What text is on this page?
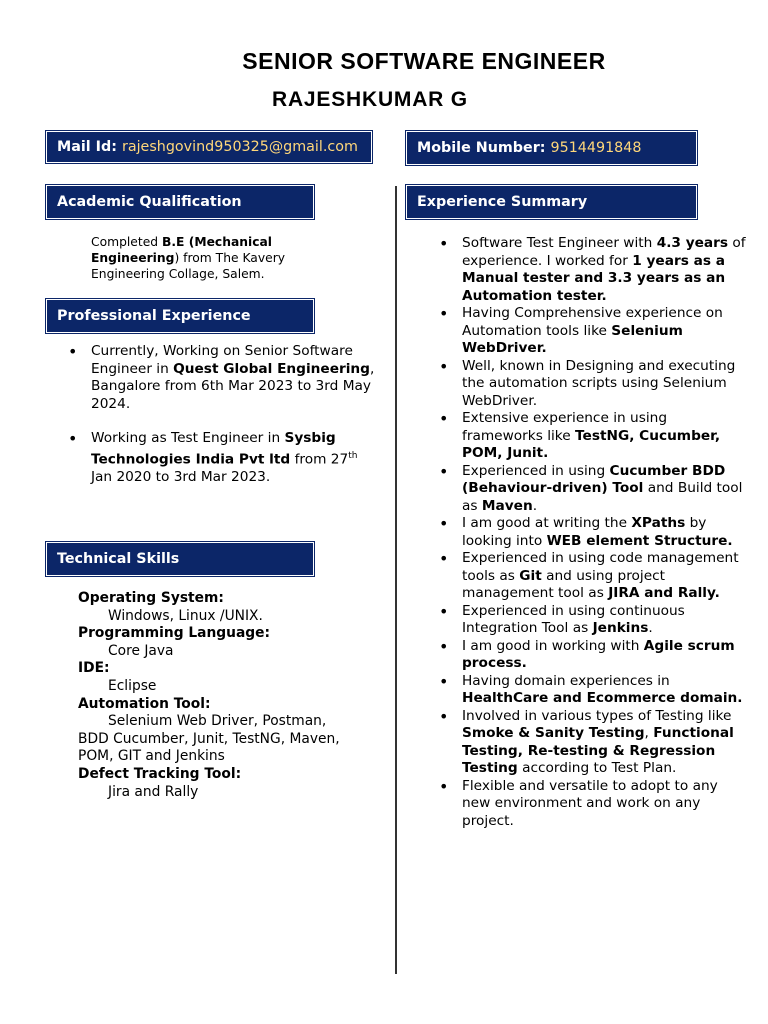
SENIOR SOFTWARE ENGINEER
RAJESHKUMAR G
Mail Id: rajeshgovind950325@gmail.com	Mobile Number: 9514491848
Academic Qualification	Experience Summary
Professional Experience
Technical Skills
Completed B.E (Mechanical Engineering) from The Kavery Engineering Collage, Salem.
• Currently, Working on Senior Software Engineer in Quest Global Engineering, Bangalore from 6th Mar 2023 to 3rd May 2024.
• Working as Test Engineer in Sysbig Technologies India Pvt ltd from 27th Jan 2020 to 3rd Mar 2023.
Operating System:
Windows, Linux /UNIX.
Programming Language:
Core Java
IDE:
Eclipse
Automation Tool:
Selenium Web Driver, Postman,
BDD Cucumber, Junit, TestNG, Maven,
POM, GIT and Jenkins
Defect Tracking Tool:
Jira and Rally
• Software Test Engineer with 4.3 years of experience. I worked for 1 years as a Manual tester and 3.3 years as an Automation tester.
• Having Comprehensive experience on Automation tools like Selenium WebDriver.
• Well, known in Designing and executing the automation scripts using Selenium WebDriver.
• Extensive experience in using frameworks like TestNG, Cucumber, POM, Junit.
• Experienced in using Cucumber BDD (Behaviour-driven) Tool and Build tool as Maven.
• I am good at writing the XPaths by looking into WEB element Structure.
• Experienced in using code management tools as Git and using project management tool as JIRA and Rally.
• Experienced in using continuous Integration Tool as Jenkins.
• I am good in working with Agile scrum process.
• Having domain experiences in HealthCare and Ecommerce domain.
• Involved in various types of Testing like Smoke & Sanity Testing, Functional Testing, Re-testing & Regression Testing according to Test Plan.
• Flexible and versatile to adopt to any new environment and work on any project.
